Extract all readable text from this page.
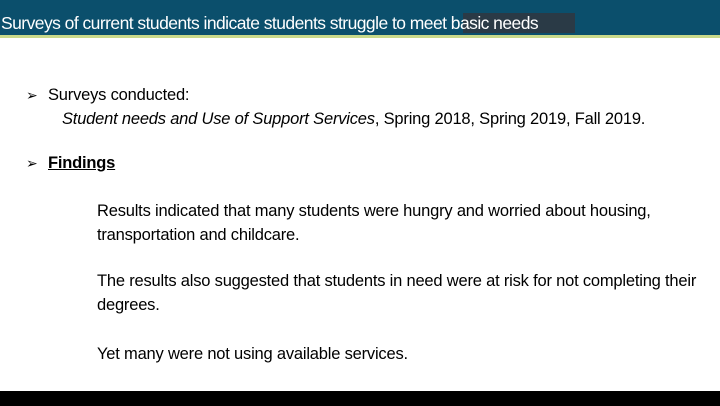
Surveys of current students indicate students struggle to meet basic needs
➢ Surveys conducted:
Student needs and Use of Support Services, Spring 2018, Spring 2019, Fall 2019.
➢ Findings
Results indicated that many students were hungry and worried about housing, transportation and childcare.
The results also suggested that students in need were at risk for not completing their degrees.
Yet many were not using available services.
